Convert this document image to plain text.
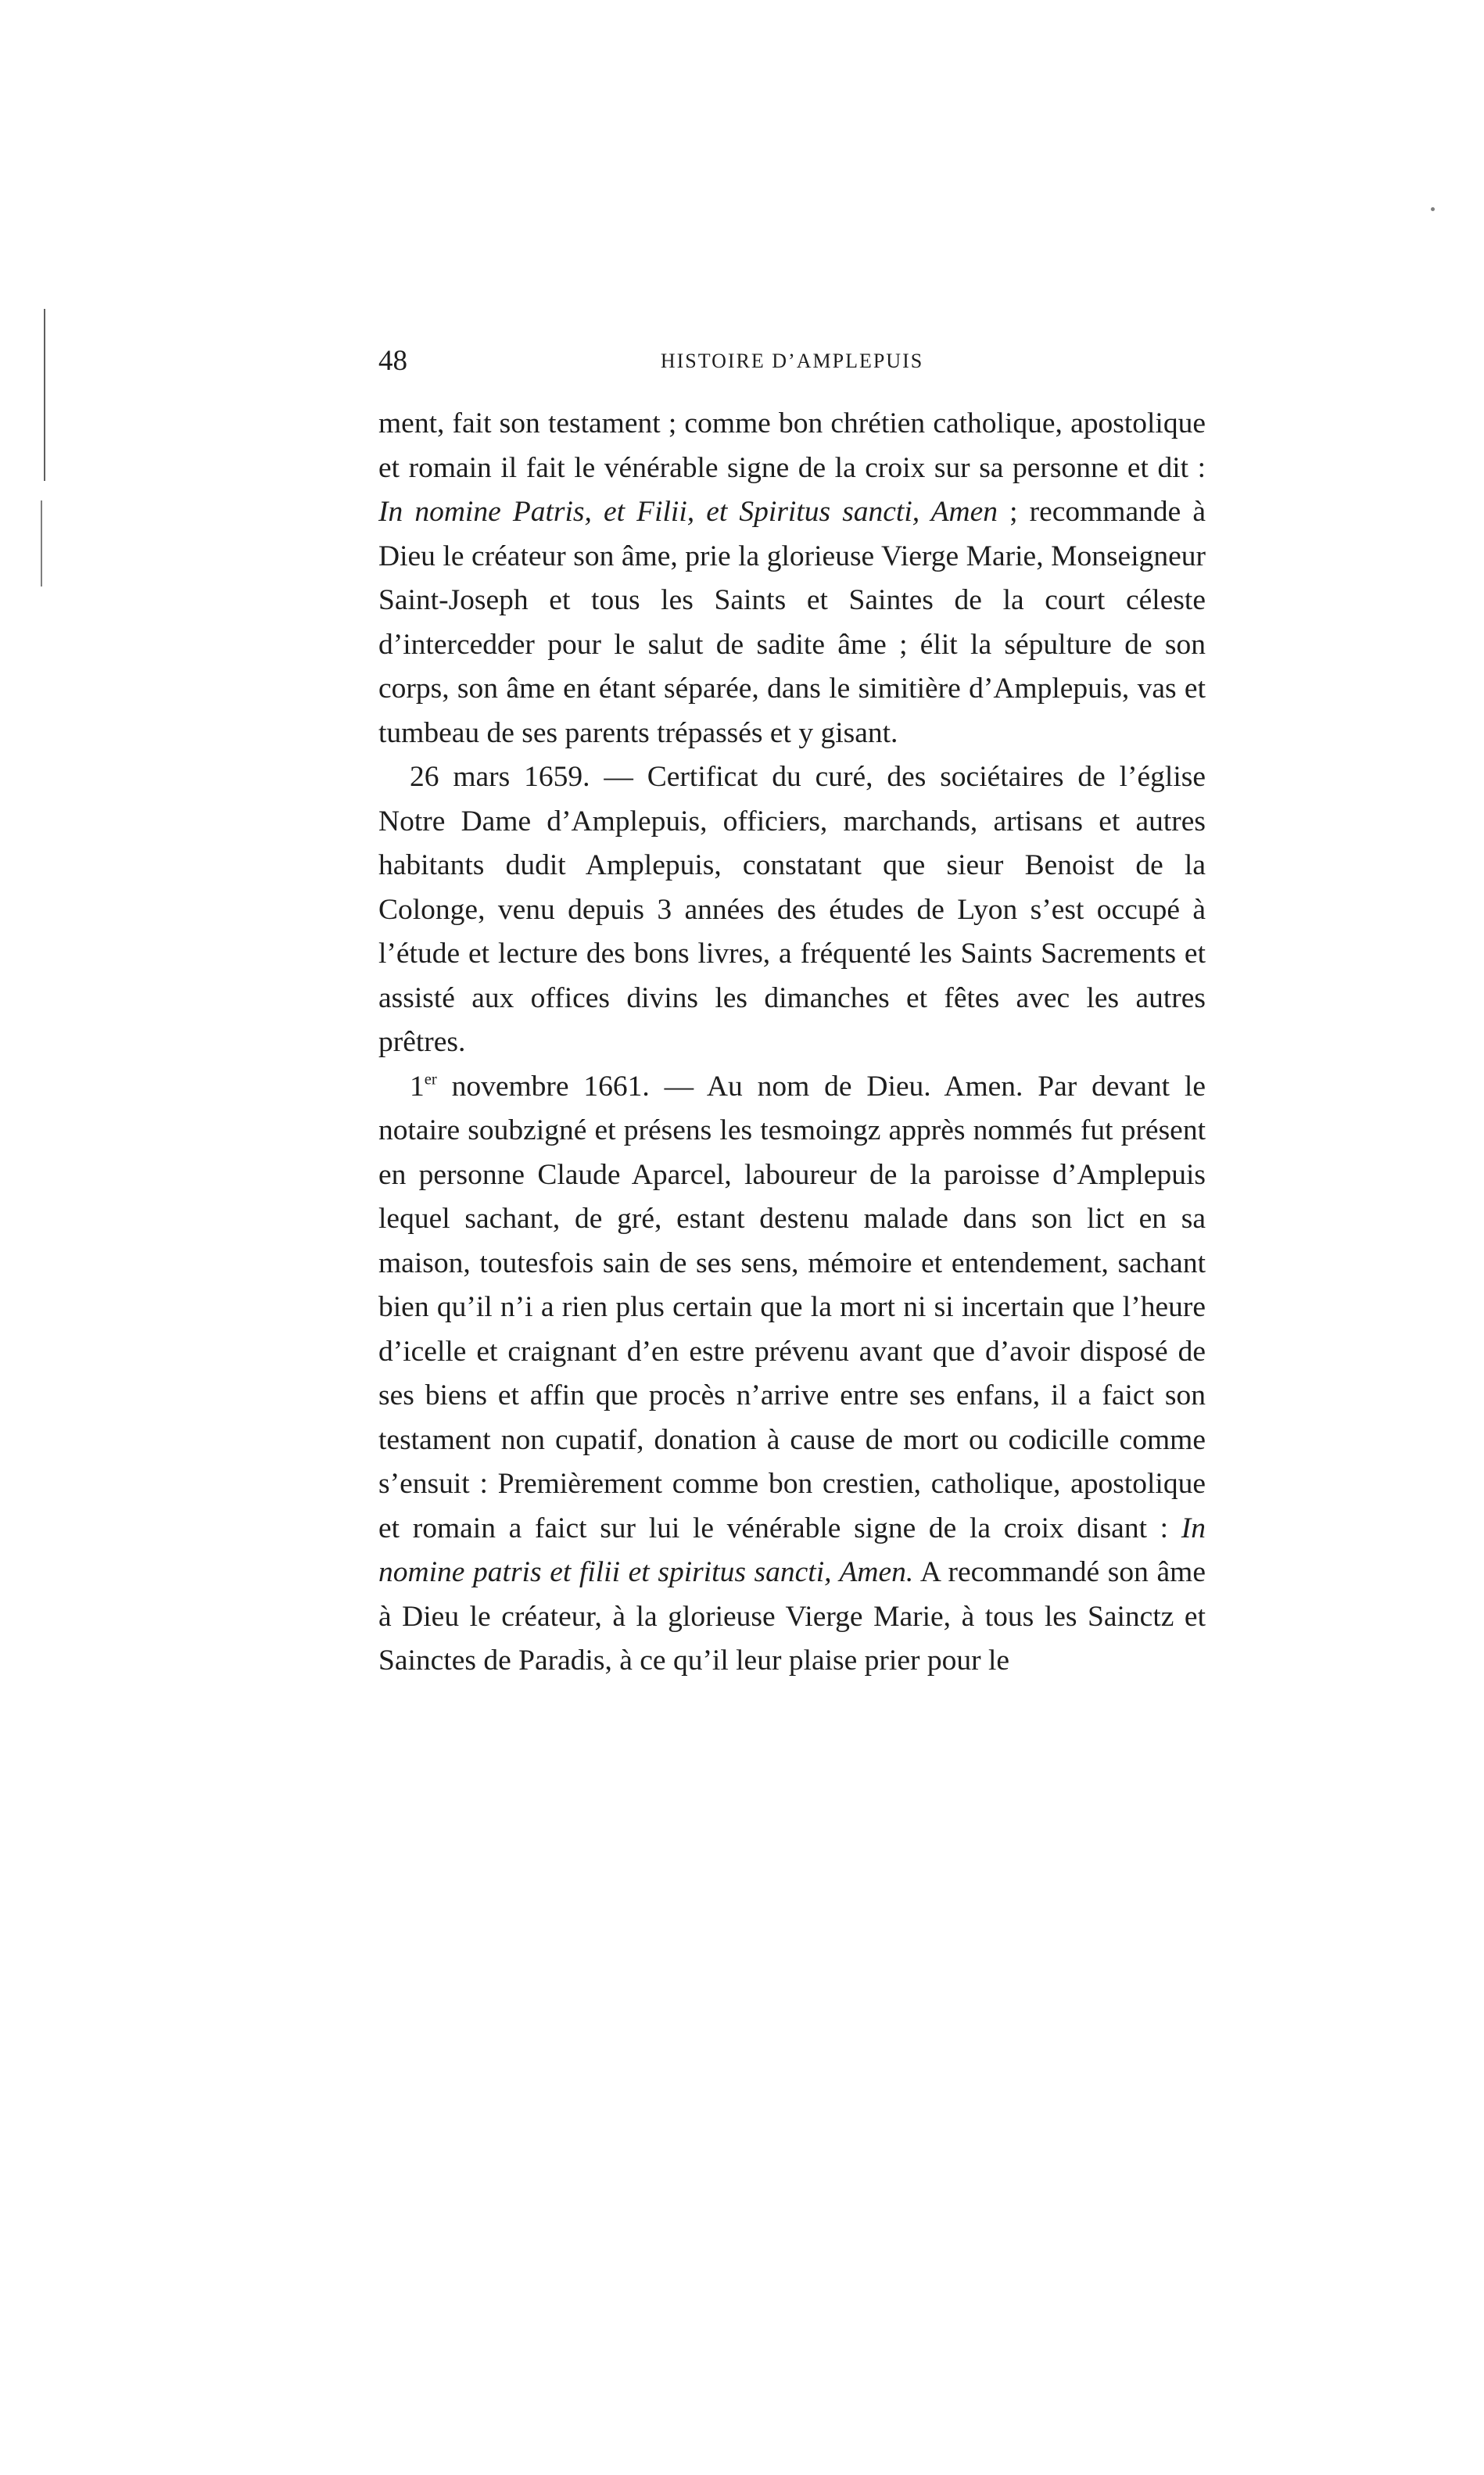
48	HISTOIRE D’AMPLEPUIS

ment, fait son testament ; comme bon chrétien catholique, apostolique et romain il fait le vénérable signe de la croix sur sa personne et dit : In nomine Patris, et Filii, et Spiritus sancti, Amen ; recommande à Dieu le créateur son âme, prie la glorieuse Vierge Marie, Monseigneur Saint-Joseph et tous les Saints et Saintes de la court céleste d’intercedder pour le salut de sadite âme ; élit la sépulture de son corps, son âme en étant séparée, dans le simitière d’Amplepuis, vas et tumbeau de ses parents trépassés et y gisant.

26 mars 1659. — Certificat du curé, des sociétaires de l’église Notre Dame d’Amplepuis, officiers, marchands, artisans et autres habitants dudit Amplepuis, constatant que sieur Benoist de la Colonge, venu depuis 3 années des études de Lyon s’est occupé à l’étude et lecture des bons livres, a fréquenté les Saints Sacrements et assisté aux offices divins les dimanches et fêtes avec les autres prêtres.

1er novembre 1661. — Au nom de Dieu. Amen. Par devant le notaire soubzigné et présens les tesmoingz apprès nommés fut présent en personne Claude Aparcel, laboureur de la paroisse d’Amplepuis lequel sachant, de gré, estant destenu malade dans son lict en sa maison, toutesfois sain de ses sens, mémoire et entendement, sachant bien qu’il n’i a rien plus certain que la mort ni si incertain que l’heure d’icelle et craignant d’en estre prévenu avant que d’avoir disposé de ses biens et affin que procès n’arrive entre ses enfans, il a faict son testament non cupatif, donation à cause de mort ou codicille comme s’ensuit : Premièrement comme bon crestien, catholique, apostolique et romain a faict sur lui le vénérable signe de la croix disant : In nomine patris et filii et spiritus sancti, Amen. A recommandé son âme à Dieu le créateur, à la glorieuse Vierge Marie, à tous les Sainctz et Sainctes de Paradis, à ce qu’il leur plaise prier pour le
